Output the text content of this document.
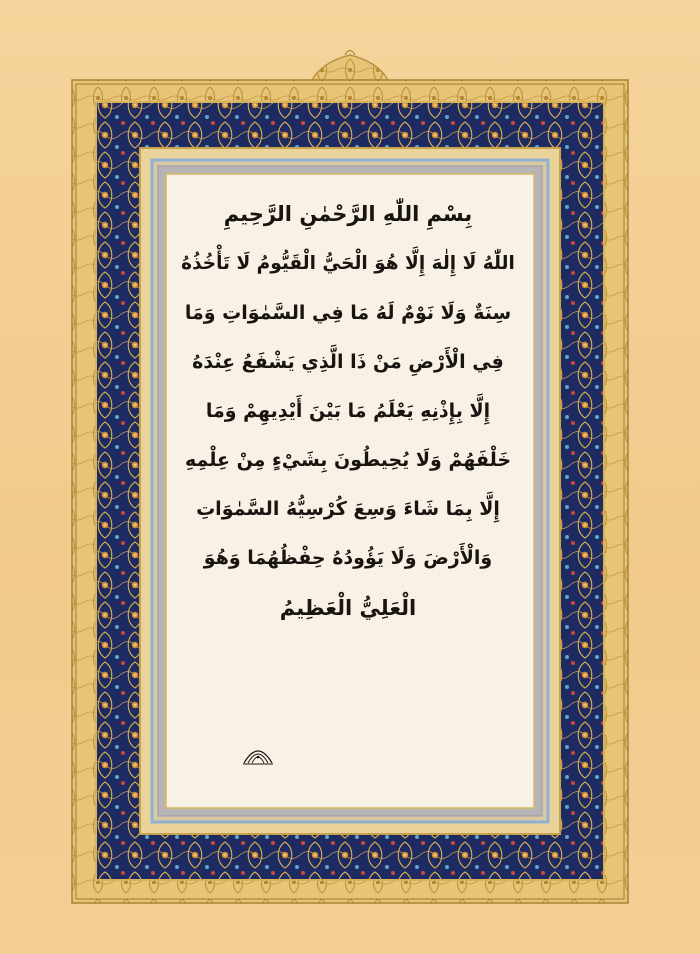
بِسْمِ اللّٰهِ الرَّحْمٰنِ الرَّحِيمِ
اللّٰهُ لَا إِلٰهَ إِلَّا هُوَ الْحَيُّ الْقَيُّومُ لَا تَأْخُذُهُ
سِنَةٌ وَلَا نَوْمٌ لَهُ مَا فِي السَّمٰوَاتِ وَمَا
فِي الْأَرْضِ مَنْ ذَا الَّذِي يَشْفَعُ عِنْدَهُ
إِلَّا بِإِذْنِهِ يَعْلَمُ مَا بَيْنَ أَيْدِيهِمْ وَمَا
خَلْفَهُمْ وَلَا يُحِيطُونَ بِشَيْءٍ مِنْ عِلْمِهِ
إِلَّا بِمَا شَاءَ وَسِعَ كُرْسِيُّهُ السَّمٰوَاتِ
وَالْأَرْضَ وَلَا يَؤُودُهُ حِفْظُهُمَا وَهُوَ
الْعَلِيُّ الْعَظِيمُ
